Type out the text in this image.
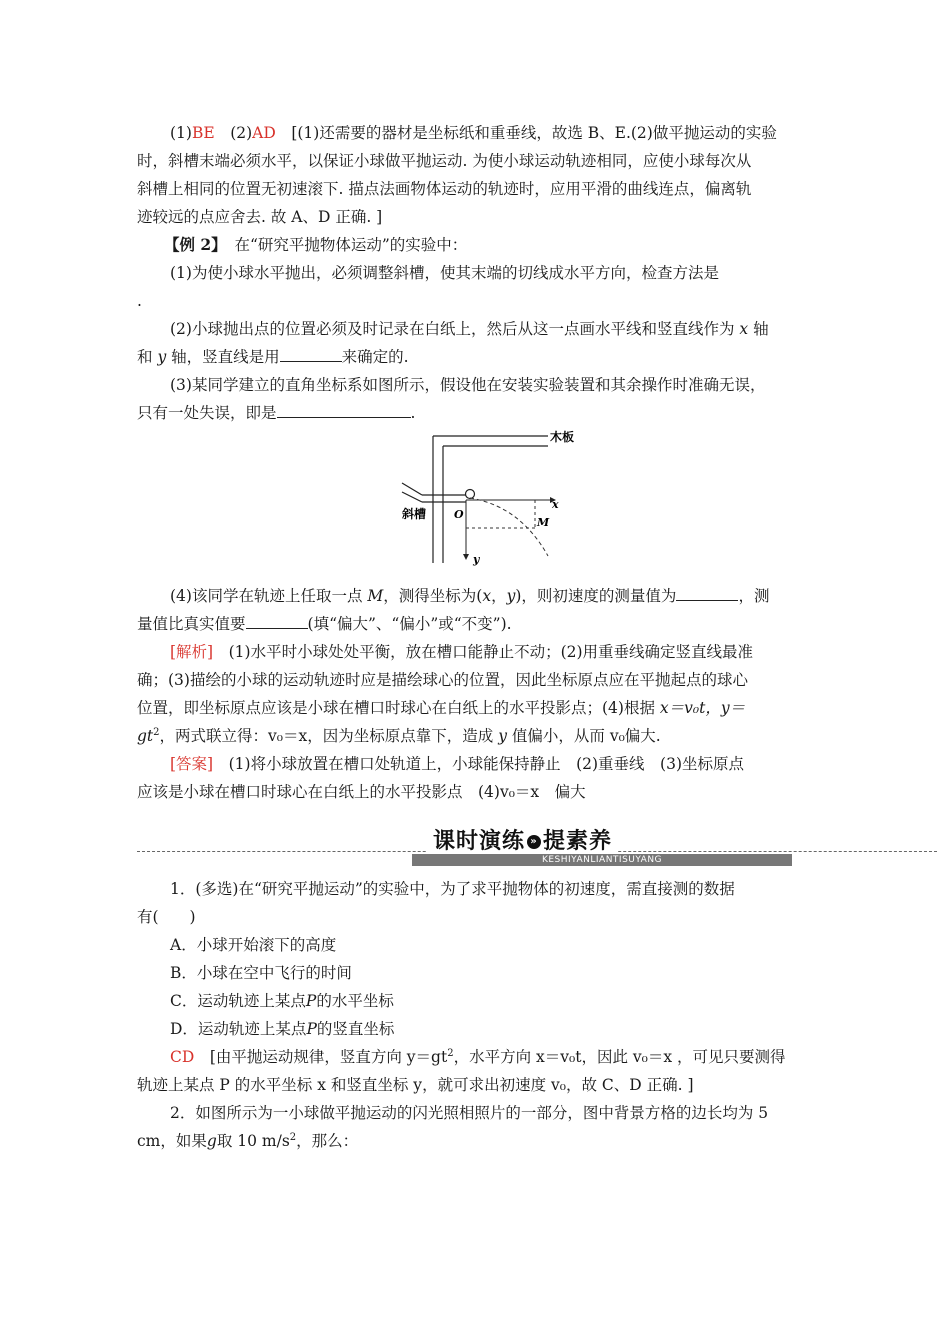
(1)BE　 (2)AD　 [(1)还需要的器材是坐标纸和重垂线，故选 B、E.(2)做平抛运动的实验
时，斜槽末端必须水平，以保证小球做平抛运动. 为使小球运动轨迹相同，应使小球每次从
斜槽上相同的位置无初速滚下. 描点法画物体运动的轨迹时，应用平滑的曲线连点，偏离轨
迹较远的点应舍去. 故 A、D 正确. ]
【例 2】　 在“研究平抛物体运动”的实验中：
(1)为使小球水平抛出，必须调整斜槽，使其末端的切线成水平方向，检查方法是
.
(2)小球抛出点的位置必须及时记录在白纸上，然后从这一点画水平线和竖直线作为 x 轴
和 y 轴，竖直线是用	来确定的.
(3)某同学建立的直角坐标系如图所示，假设他在安装实验装置和其余操作时准确无误，
只有一处失误，即是	.
木板
斜槽	O
x
y
M
(4)该同学在轨迹上任取一点 M，测得坐标为(x，y)，则初速度的测量值为	，测
量值比真实值要	(填“偏大”、“偏小”或“不变”).
[解析]　 (1)水平时小球处处平衡，放在槽口能静止不动；(2)用重垂线确定竖直线最准
确；(3)描绘的小球的运动轨迹时应是描绘球心的位置，因此坐标原点应在平抛起点的球心
位置，即坐标原点应该是小球在槽口时球心在白纸上的水平投影点；(4)根据 x＝v₀t，y＝
$gt^2$，两式联立得：v₀＝x，因为坐标原点靠下，造成 y 值偏小，从而 v₀偏大.
[答案]　 (1)将小球放置在槽口处轨道上，小球能保持静止　(2)重垂线　(3)坐标原点
应该是小球在槽口时球心在白纸上的水平投影点　(4)v₀＝x　偏大
课时演练 » 提素养
KESHIYANLIANTISUYANG
1．(多选)在“研究平抛运动”的实验中，为了求平抛物体的初速度，需直接测的数据
有(　　)
A．小球开始滚下的高度
B．小球在空中飞行的时间
C．运动轨迹上某点P的水平坐标
D．运动轨迹上某点P的竖直坐标
CD　 [由平抛运动规律，竖直方向 $y=gt^2$，水平方向 x＝v₀t，因此 v₀＝x ，可见只要测得
轨迹上某点 P 的水平坐标 x 和竖直坐标 y，就可求出初速度 v₀，故 C、D 正确. ]
2．如图所示为一小球做平抛运动的闪光照相照片的一部分，图中背景方格的边长均为 5
cm，如果g取 10 $m/s^2$，那么：
